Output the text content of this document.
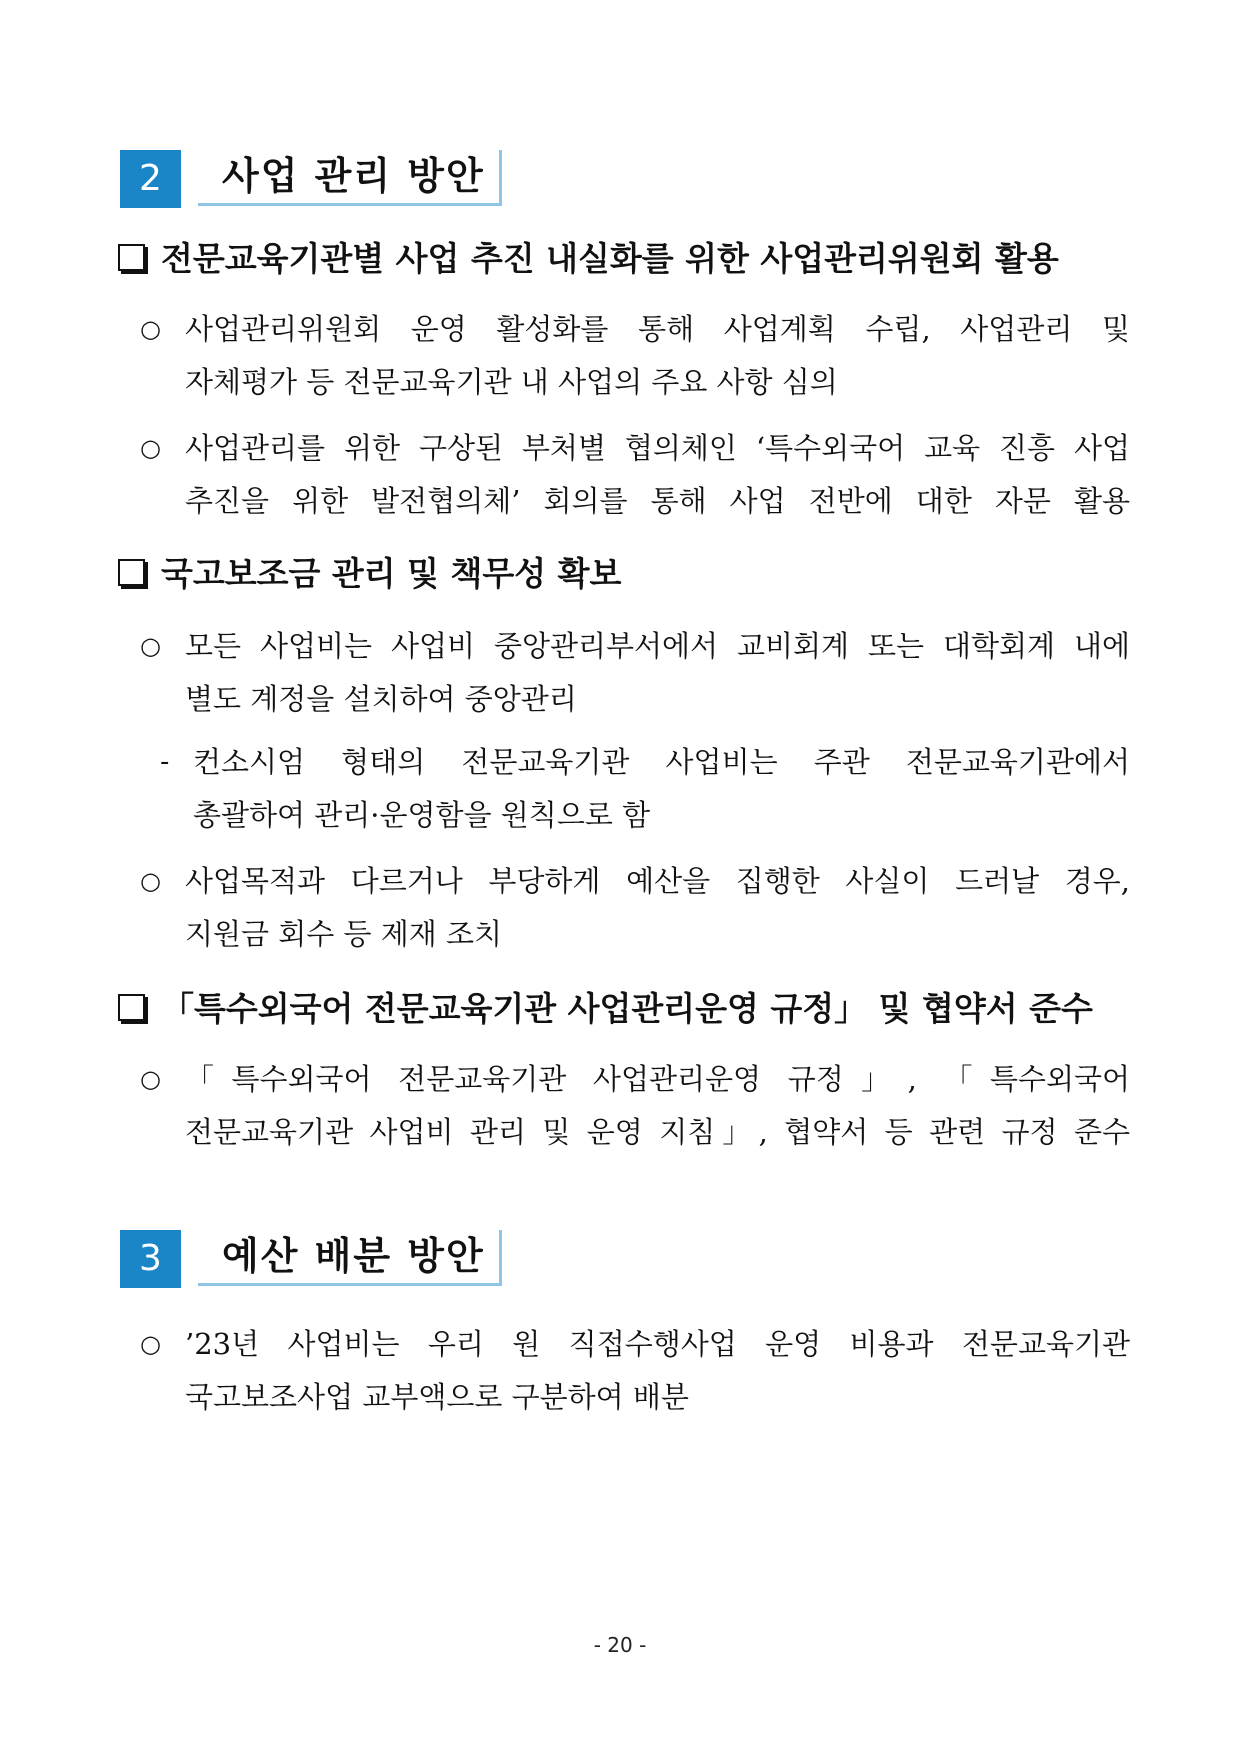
2	사업 관리 방안
전문교육기관별 사업 추진 내실화를 위한 사업관리위원회 활용
○ 사업관리위원회 운영 활성화를 통해 사업계획 수립, 사업관리 및
자체평가 등 전문교육기관 내 사업의 주요 사항 심의
○ 사업관리를 위한 구상된 부처별 협의체인 ‘특수외국어 교육 진흥 사업
추진을 위한 발전협의체’ 회의를 통해 사업 전반에 대한 자문 활용
국고보조금 관리 및 책무성 확보
○ 모든 사업비는 사업비 중앙관리부서에서 교비회계 또는 대학회계 내에
별도 계정을 설치하여 중앙관리
- 컨소시엄 형태의 전문교육기관 사업비는 주관 전문교육기관에서
총괄하여 관리·운영함을 원칙으로 함
○ 사업목적과 다르거나 부당하게 예산을 집행한 사실이 드러날 경우,
지원금 회수 등 제재 조치
「특수외국어 전문교육기관 사업관리운영 규정」 및 협약서 준수
○ 「특수외국어 전문교육기관 사업관리운영 규정」, 「특수외국어
전문교육기관 사업비 관리 및 운영 지침」, 협약서 등 관련 규정 준수
3	예산 배분 방안
○ ’23년 사업비는 우리 원 직접수행사업 운영 비용과 전문교육기관
국고보조사업 교부액으로 구분하여 배분
- 20 -
